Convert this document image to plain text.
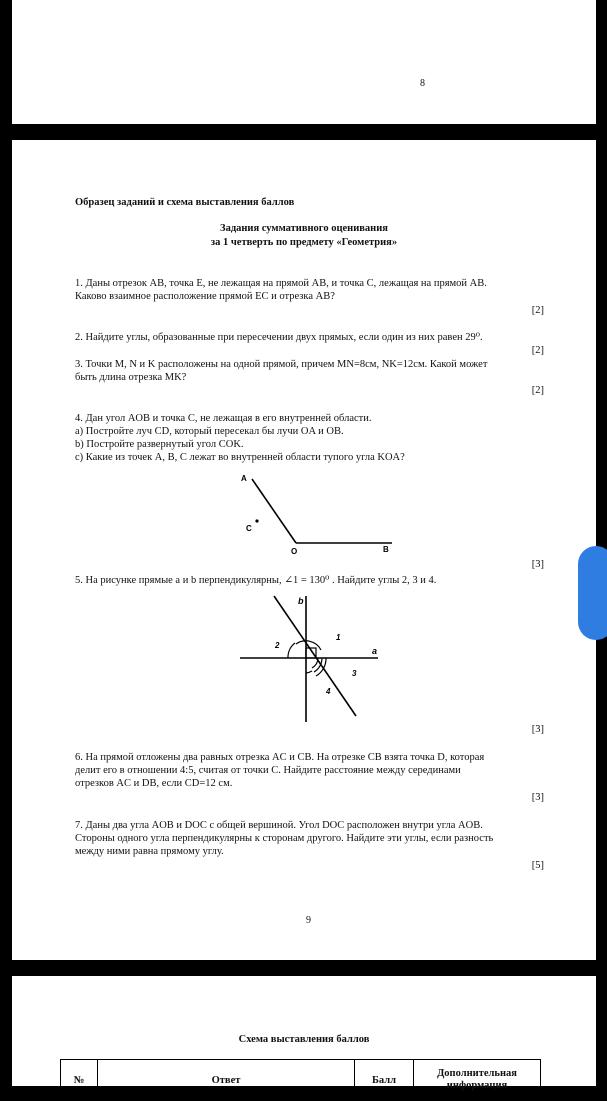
8
Образец заданий и схема выставления баллов
Задания суммативного оценивания
за 1 четверть по предмету «Геометрия»
1. Даны отрезок AB, точка E, не лежащая на прямой AB, и точка C, лежащая на прямой AB.
Каково взаимное расположение прямой EC и отрезка AB?
[2]
2. Найдите углы, образованные при пересечении двух прямых, если один из них равен 29⁰.
[2]
3. Точки M, N и K расположены на одной прямой, причем MN=8см, NK=12см. Какой может
быть длина отрезка MK?
[2]
4. Дан угол AOB и точка C, не лежащая в его внутренней области.
a) Постройте луч CD, который пересекал бы лучи OA и OB.
b) Постройте развернутый угол COK.
c) Какие из точек A, B, C лежат во внутренней области тупого угла KOA?
A
C
O	B
[3]
5. На рисунке прямые a и b перпендикулярны, ∠1 = 130⁰ . Найдите углы 2, 3 и 4.
b
a
1
2
3
4
[3]
6. На прямой отложены два равных отрезка AC и CB. На отрезке CB взята точка D, которая
делит его в отношении 4:5, считая от точки C. Найдите расстояние между серединами
отрезков AC и DB, если CD=12 см.
[3]
7. Даны два угла AOB и DOC с общей вершиной. Угол DOC расположен внутри угла AOB.
Стороны одного угла перпендикулярны к сторонам другого. Найдите эти углы, если разность
между ними равна прямому углу.
[5]
9
Схема выставления баллов
№	Ответ	Балл	Дополнительная информация
